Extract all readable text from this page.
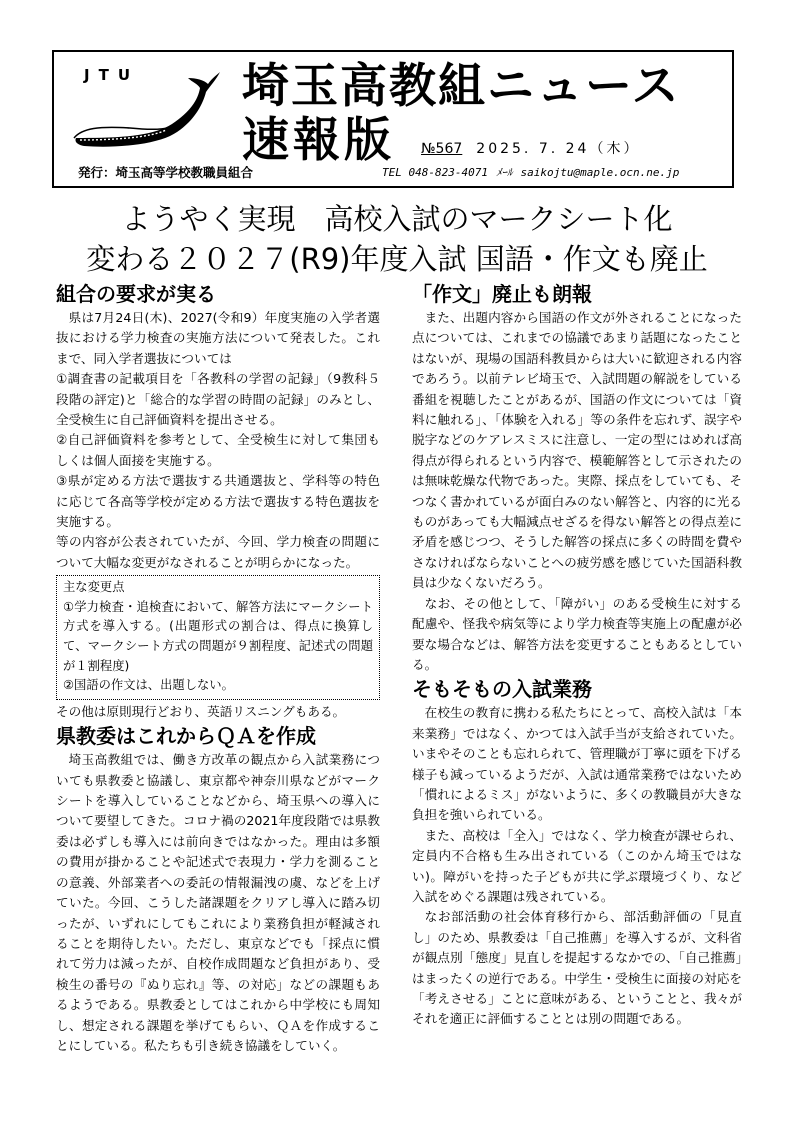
JTU 埼玉高教組ニュース
速報版 №567 2025. 7. 24（木）
発行：埼玉高等学校教職員組合	TEL 048-823-4071 ﾒｰﾙ saikojtu@maple.ocn.ne.jp
ようやく実現　高校入試のマークシート化
変わる２０２７(R9)年度入試 国語・作文も廃止
組合の要求が実る

県は7月24日(木)、2027(令和9）年度実施の入学者選抜における学力検査の実施方法について発表した。これまで、同入学者選抜については

①調査書の記載項目を「各教科の学習の記録」（9教科５段階の評定)と「総合的な学習の時間の記録」のみとし、全受検生に自己評価資料を提出させる。

②自己評価資料を参考として、全受検生に対して集団もしくは個人面接を実施する。

③県が定める方法で選抜する共通選抜と、学科等の特色に応じて各高等学校が定める方法で選抜する特色選抜を実施する。

等の内容が公表されていたが、今回、学力検査の問題について大幅な変更がなされることが明らかになった。

主な変更点

①学力検査・追検査において、解答方法にマークシート方式を導入する。(出題形式の割合は、得点に換算して、マークシート方式の問題が９割程度、記述式の問題が１割程度)

②国語の作文は、出題しない。

その他は原則現行どおり、英語リスニングもある。

県教委はこれからＱＡを作成

埼玉高教組では、働き方改革の観点から入試業務についても県教委と協議し、東京都や神奈川県などがマークシートを導入していることなどから、埼玉県への導入について要望してきた。コロナ禍の2021年度段階では県教委は必ずしも導入には前向きではなかった。理由は多額の費用が掛かることや記述式で表現力・学力を測ることの意義、外部業者への委託の情報漏洩の虞、などを上げていた。今回、こうした諸課題をクリアし導入に踏み切ったが、いずれにしてもこれにより業務負担が軽減されることを期待したい。ただし、東京などでも「採点に慣れて労力は減ったが、自校作成問題など負担があり、受検生の番号の『ぬり忘れ』等、の対応」などの課題もあるようである。県教委としてはこれから中学校にも周知し、想定される課題を挙げてもらい、ＱＡを作成することにしている。私たちも引き続き協議をしていく。

「作文」廃止も朗報

また、出題内容から国語の作文が外されることになった点については、これまでの協議であまり話題になったことはないが、現場の国語科教員からは大いに歓迎される内容であろう。以前テレビ埼玉で、入試問題の解説をしている番組を視聴したことがあるが、国語の作文については「資料に触れる」、「体験を入れる」等の条件を忘れず、誤字や脱字などのケアレスミスに注意し、一定の型にはめれば高得点が得られるという内容で、模範解答として示されたのは無味乾燥な代物であった。実際、採点をしていても、そつなく書かれているが面白みのない解答と、内容的に光るものがあっても大幅減点せざるを得ない解答との得点差に矛盾を感じつつ、そうした解答の採点に多くの時間を費やさなければならないことへの疲労感を感じていた国語科教員は少なくないだろう。

なお、その他として、「障がい」のある受検生に対する配慮や、怪我や病気等により学力検査等実施上の配慮が必要な場合などは、解答方法を変更することもあるとしている。

そもそもの入試業務

在校生の教育に携わる私たちにとって、高校入試は「本来業務」ではなく、かつては入試手当が支給されていた。いまやそのことも忘れられて、管理職が丁寧に頭を下げる様子も減っているようだが、入試は通常業務ではないため「慣れによるミス」がないように、多くの教職員が大きな負担を強いられている。

また、高校は「全入」ではなく、学力検査が課せられ、定員内不合格も生み出されている（このかん埼玉ではない)。障がいを持った子どもが共に学ぶ環境づくり、など入試をめぐる課題は残されている。

なお部活動の社会体育移行から、部活動評価の「見直し」のため、県教委は「自己推薦」を導入するが、文科省が観点別「態度」見直しを提起するなかでの、「自己推薦」はまったくの逆行である。中学生・受検生に面接の対応を「考えさせる」ことに意味がある、ということと、我々がそれを適正に評価することとは別の問題である。
